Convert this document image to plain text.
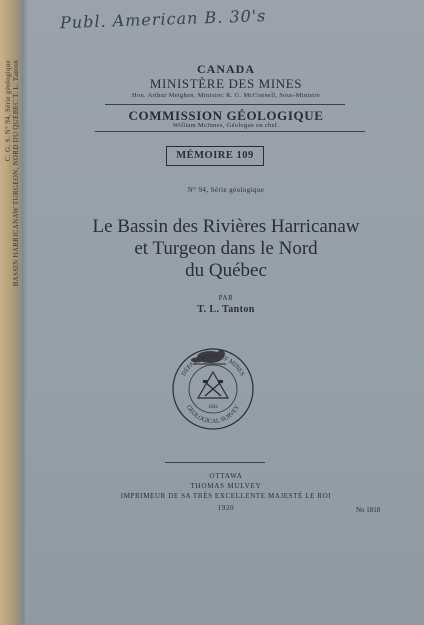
C. G. S. N° 94, Série géologique BASSIN HARRICANAW TURGEON, NORD DU QUÉBEC T. L. Tanton
Publ. American B. 30's
CANADA
MINISTÈRE DES MINES
Hon. Arthur Meighen, Ministre; R. G. McConnell, Sous-Ministre
COMMISSION GÉOLOGIQUE
William McInnes, Géologue en chef.
MÉMOIRE 109
N° 94, Série géologique
Le Bassin des Rivières Harricanaw
et Turgeon dans le Nord
du Québec
PAR
T. L. Tanton
DEPARTMENT OF MINES
GEOLOGICAL SURVEY
1842
OTTAWA
THOMAS MULVEY
IMPRIMEUR DE SA TRÈS EXCELLENTE MAJESTÉ LE ROI
1920	No 1818
